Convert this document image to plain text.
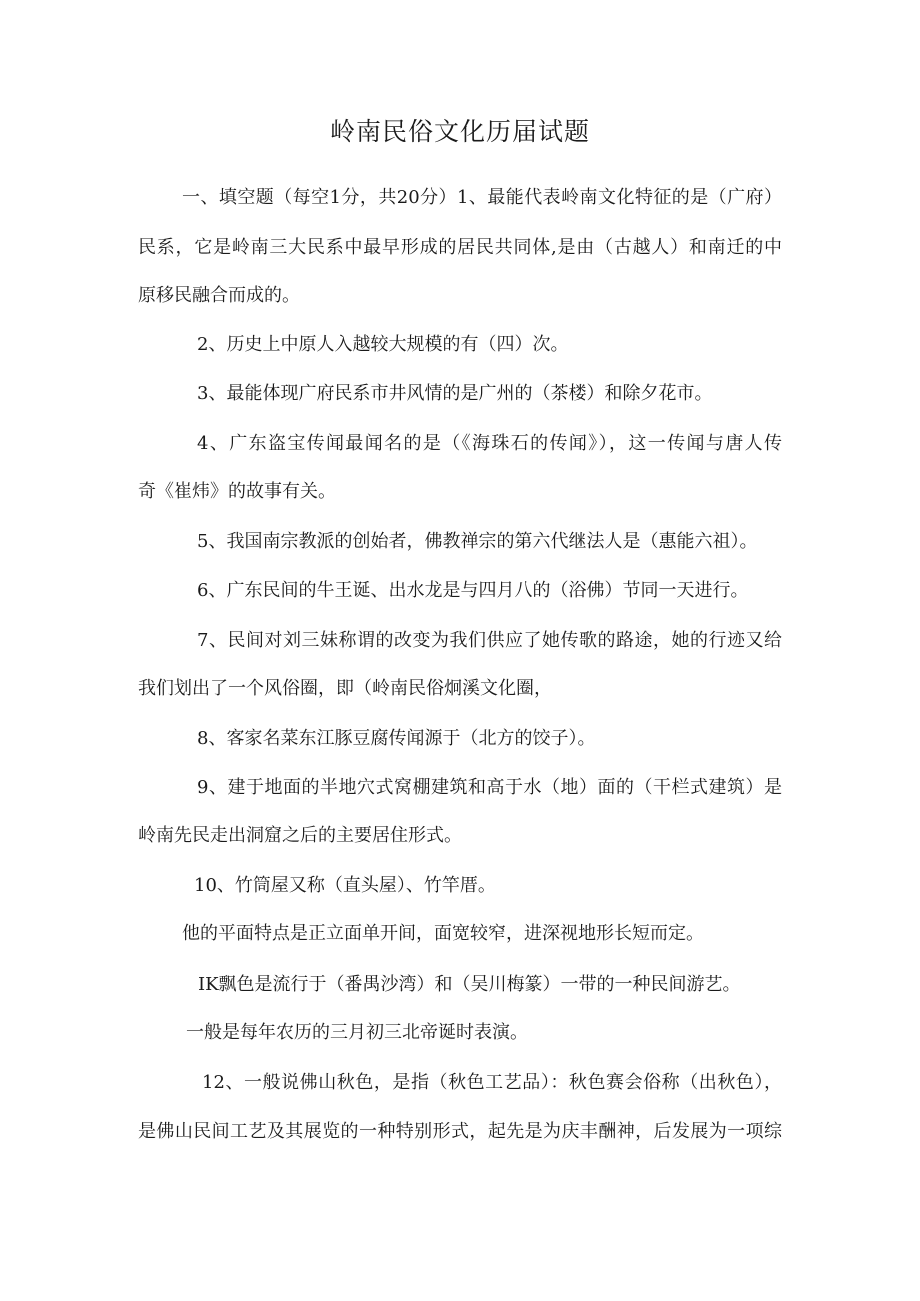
岭南民俗文化历届试题
一、填空题（每空1分，共20分）1、最能代表岭南文化特征的是（广府）
民系，它是岭南三大民系中最早形成的居民共同体,是由（古越人）和南迁的中
原移民融合而成的。
2、历史上中原人入越较大规模的有（四）次。
3、最能体现广府民系市井风情的是广州的（茶楼）和除夕花市。
4、广东盗宝传闻最闻名的是（《海珠石的传闻》），这一传闻与唐人传
奇《崔炜》的故事有关。
5、我国南宗教派的创始者，佛教禅宗的第六代继法人是（惠能六祖）。
6、广东民间的牛王诞、出水龙是与四月八的（浴佛）节同一天进行。
7、民间对刘三妹称谓的改变为我们供应了她传歌的路途，她的行迹又给
我们划出了一个风俗圈，即（岭南民俗炯溪文化圈，
8、客家名菜东江豚豆腐传闻源于（北方的饺子）。
9、建于地面的半地穴式窝棚建筑和高于水（地）面的（干栏式建筑）是
岭南先民走出洞窟之后的主要居住形式。
10、竹筒屋又称（直头屋）、竹竿厝。
他的平面特点是正立面单开间，面宽较窄，进深视地形长短而定。
IK飘色是流行于（番禺沙湾）和（吴川梅篆）一带的一种民间游艺。
一般是每年农历的三月初三北帝诞时表演。
12、一般说佛山秋色，是指（秋色工艺品）：秋色赛会俗称（出秋色），
是佛山民间工艺及其展览的一种特别形式，起先是为庆丰酬神，后发展为一项综
